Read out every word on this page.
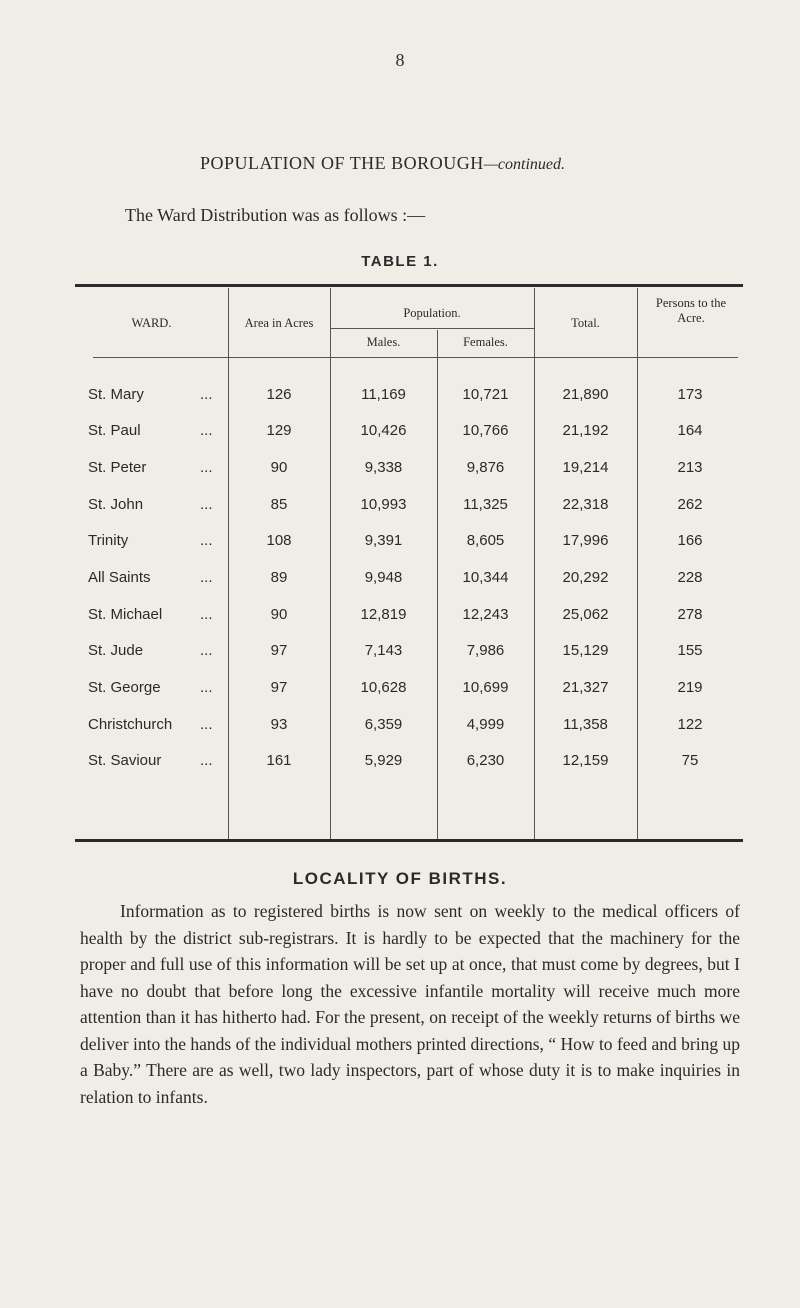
8
POPULATION OF THE BOROUGH—continued.
The Ward Distribution was as follows :—
TABLE 1.
WARD.	Area in Acres
Population.
Males.	Females.
Total.
Persons to the Acre.
St. Mary	...	126	11,169	10,721	21,890	173
St. Paul	...	129	10,426	10,766	21,192	164
St. Peter	...	90	9,338	9,876	19,214	213
St. John	...	85	10,993	11,325	22,318	262
Trinity	...	108	9,391	8,605	17,996	166
All Saints	...	89	9,948	10,344	20,292	228
St. Michael	...	90	12,819	12,243	25,062	278
St. Jude	...	97	7,143	7,986	15,129	155
St. George	...	97	10,628	10,699	21,327	219
Christchurch ...	93	6,359	4,999	11,358	122
St. Saviour	...	161	5,929	6,230	12,159	75
LOCALITY OF BIRTHS.
Information as to registered births is now sent on weekly to the medical officers of health by the district sub-registrars. It is hardly to be expected that the machinery for the proper and full use of this information will be set up at once, that must come by degrees, but I have no doubt that before long the excessive infantile mortality will receive much more attention than it has hitherto had. For the present, on receipt of the weekly returns of births we deliver into the hands of the individual mothers printed directions, “ How to feed and bring up a Baby.” There are as well, two lady inspectors, part of whose duty it is to make inquiries in relation to infants.
